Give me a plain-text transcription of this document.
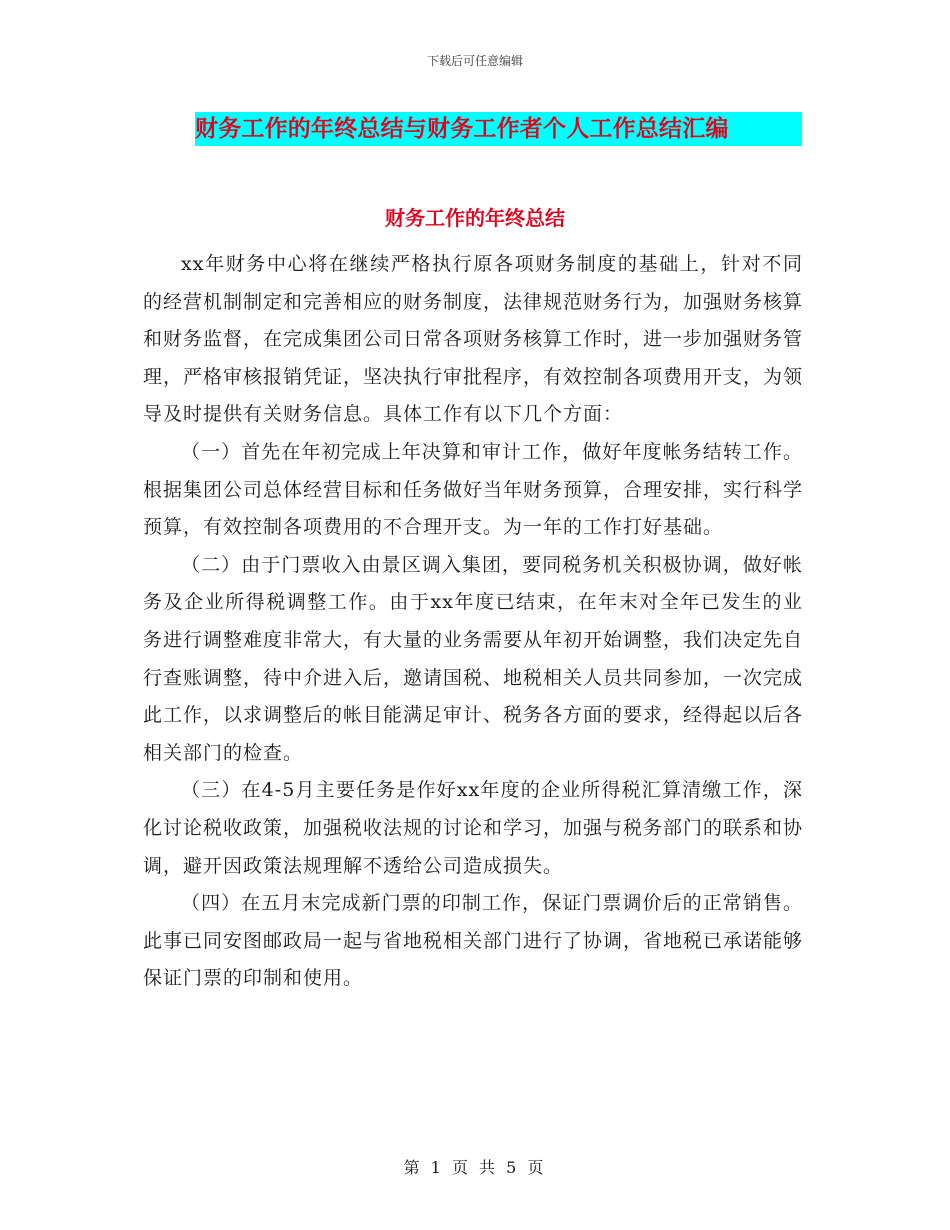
下载后可任意编辑
财务工作的年终总结与财务工作者个人工作总结汇编
财务工作的年终总结

xx年财务中心将在继续严格执行原各项财务制度的基础上，针对不同的经营机制制定和完善相应的财务制度，法律规范财务行为，加强财务核算和财务监督，在完成集团公司日常各项财务核算工作时，进一步加强财务管理，严格审核报销凭证，坚决执行审批程序，有效控制各项费用开支，为领导及时提供有关财务信息。具体工作有以下几个方面：

（一）首先在年初完成上年决算和审计工作，做好年度帐务结转工作。根据集团公司总体经营目标和任务做好当年财务预算，合理安排，实行科学预算，有效控制各项费用的不合理开支。为一年的工作打好基础。

（二）由于门票收入由景区调入集团，要同税务机关积极协调，做好帐务及企业所得税调整工作。由于xx年度已结束，在年末对全年已发生的业务进行调整难度非常大，有大量的业务需要从年初开始调整，我们决定先自行查账调整，待中介进入后，邀请国税、地税相关人员共同参加，一次完成此工作，以求调整后的帐目能满足审计、税务各方面的要求，经得起以后各相关部门的检查。

（三）在4-5月主要任务是作好xx年度的企业所得税汇算清缴工作，深化讨论税收政策，加强税收法规的讨论和学习，加强与税务部门的联系和协调，避开因政策法规理解不透给公司造成损失。

（四）在五月末完成新门票的印制工作，保证门票调价后的正常销售。此事已同安图邮政局一起与省地税相关部门进行了协调，省地税已承诺能够保证门票的印制和使用。

第 1 页 共 5 页
